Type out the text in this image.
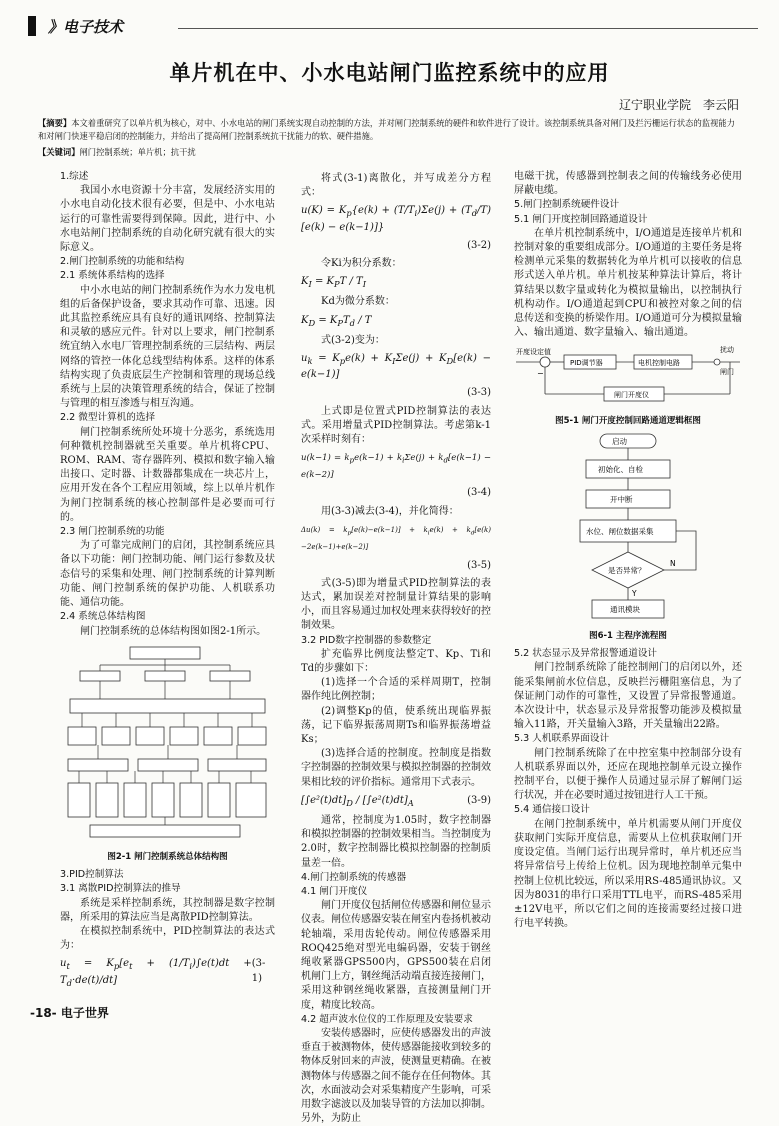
》电子技术
单片机在中、小水电站闸门监控系统中的应用
辽宁职业学院　李云阳
【摘要】本文着重研究了以单片机为核心，对中、小水电站的闸门系统实现自动控制的方法，并对闸门控制系统的硬件和软件进行了设计。该控制系统具备对闸门及拦污栅运行状态的监视能力和对闸门快速平稳启闭的控制能力，并给出了提高闸门控制系统抗干扰能力的软、硬件措施。
【关键词】闸门控制系统；单片机；抗干扰

1.综述

我国小水电资源十分丰富，发展经济实用的小水电自动化技术很有必要，但是中、小水电站运行的可靠性需要得到保障。因此，进行中、小水电站闸门控制系统的自动化研究就有很大的实际意义。

2.闸门控制系统的功能和结构

2.1 系统体系结构的选择

中小水电站的闸门控制系统作为水力发电机组的后备保护设备，要求其动作可靠、迅速。因此其监控系统应具有良好的通讯网络、控制算法和灵敏的感应元件。针对以上要求，闸门控制系统宜纳入水电厂管理控制系统的三层结构、两层网络的管控一体化总线型结构体系。这样的体系结构实现了负责底层生产控制和管理的现场总线系统与上层的决策管理系统的结合，保证了控制与管理的相互渗透与相互沟通。

2.2 微型计算机的选择

闸门控制系统所处环境十分恶劣，系统选用何种微机控制器就至关重要。单片机将CPU、ROM、RAM、寄存器阵列、模拟和数字输入输出接口、定时器、计数器都集成在一块芯片上，应用开发在各个工程应用领域，综上以单片机作为闸门控制系统的核心控制部件是必要而可行的。

2.3 闸门控制系统的功能

为了可靠完成闸门的启闭，其控制系统应具备以下功能：闸门控制功能、闸门运行参数及状态信号的采集和处理、闸门控制系统的计算判断功能、闸门控制系统的保护功能、人机联系功能、通信功能。

2.4 系统总体结构图

闸门控制系统的总体结构图如图2-1所示。

图2-1 闸门控制系统总体结构图

3.PID控制算法

3.1 离散PID控制算法的推导

系统是采样控制系统，其控制器是数字控制器，所采用的算法应当是离散PID控制算法。

在模拟控制系统中，PID控制算法的表达式为：

$u_t = K_p[e_t + (1/T_i)\int e(t)dt + T_d\cdot de(t)/dt]$
(3-1)

将式(3-1)离散化，并写成差分方程式：

$u(K) = K_p\{e(k) + (T/T_i)\Sigma e(j) + (T_d/T)[e(k) - e(k-1)]\}$
(3-2)

令Ki为积分系数：

$K_I = K_PT / T_I$

Kd为微分系数：

$K_D = K_PT_d / T$

式(3-2)变为：

$u_k = K_pe(k) + K_I\Sigma e(j) + K_D[e(k) - e(k-1)]$
(3-3)

上式即是位置式PID控制算法的表达式。采用增量式PID控制算法。考虑第k-1次采样时刻有：

$u(k-1) = k_pe(k-1) + k_i\Sigma e(j) + k_d[e(k-1) - e(k-2)]$
(3-4)

用(3-3)减去(3-4)，并化简得：

$\Delta u(k) = k_p[e(k)-e(k-1)] + k_ie(k) + k_d[e(k)-2e(k-1)+e(k-2)]$
(3-5)

式(3-5)即为增量式PID控制算法的表达式，累加误差对控制量计算结果的影响小，而且容易通过加权处理来获得较好的控制效果。

3.2 PID数字控制器的参数整定

扩充临界比例度法整定T、Kp、Ti和Td的步骤如下：

(1)选择一个合适的采样周期T，控制器作纯比例控制；

(2)调整Kp的值，使系统出现临界振荡，记下临界振荡周期Ts和临界振荡增益Ks；

(3)选择合适的控制度。控制度是指数字控制器的控制效果与模拟控制器的控制效果相比较的评价指标。通常用下式表示。

$[\int e^2(t)dt]_D / [\int e^2(t)dt]_A$	(3-9)

通常，控制度为1.05时，数字控制器和模拟控制器的控制效果相当。当控制度为2.0时，数字控制器比模拟控制器的控制质量差一倍。

4.闸门控制系统的传感器

4.1 闸门开度仪

闸门开度仪包括闸位传感器和闸位显示仪表。闸位传感器安装在闸室内卷扬机被动轮轴端，采用齿轮传动。闸位传感器采用ROQ425绝对型光电编码器，安装于钢丝绳收紧器GPS500内，GPS500装在启闭机闸门上方，钢丝绳活动端直接连接闸门，采用这种钢丝绳收紧器，直接测量闸门开度，精度比较高。

4.2 超声波水位仪的工作原理及安装要求

安装传感器时，应使传感器发出的声波垂直于被测物体，使传感器能接收到较多的物体反射回来的声波，使测量更精确。在被测物体与传感器之间不能存在任何物体。其次，水面波动会对采集精度产生影响，可采用数字滤波以及加装导管的方法加以抑制。另外，为防止

电磁干扰，传感器到控制表之间的传输线务必使用屏蔽电缆。

5.闸门控制系统硬件设计

5.1 闸门开度控制回路通道设计

在单片机控制系统中，I/O通道是连接单片机和控制对象的重要组成部分。I/O通道的主要任务是将检测单元采集的数据转化为单片机可以接收的信息形式送入单片机。单片机按某种算法计算后，将计算结果以数字量或转化为模拟量输出，以控制执行机构动作。I/O通道起到CPU和被控对象之间的信息传送和变换的桥梁作用。I/O通道可分为模拟量输入、输出通道、数字量输入、输出通道。

开度设定值
−
PID调节器	电机控制电路
扰动
闸门
闸门开度仪
图5-1 闸门开度控制回路通道逻辑框图
启动
初始化、自检
开中断
水位、闸位数据采集
是否异常？
N
Y
通讯模块
图6-1 主程序流程图

5.2 状态显示及异常报警通道设计

闸门控制系统除了能控制闸门的启闭以外，还能采集闸前水位信息，反映拦污栅阻塞信息，为了保证闸门动作的可靠性，又设置了异常报警通道。本次设计中，状态显示及异常报警功能涉及模拟量输入11路，开关量输入3路，开关量输出22路。

5.3 人机联系界面设计

闸门控制系统除了在中控室集中控制部分设有人机联系界面以外，还应在现地控制单元设立操作控制平台，以便于操作人员通过显示屏了解闸门运行状况，并在必要时通过按钮进行人工干预。

5.4 通信接口设计

在闸门控制系统中，单片机需要从闸门开度仪获取闸门实际开度信息，需要从上位机获取闸门开度设定值。当闸门运行出现异常时，单片机还应当将异常信号上传给上位机。因为现地控制单元集中控制上位机比较远，所以采用RS-485通讯协议。又因为8031的串行口采用TTL电平，而RS-485采用±12V电平，所以它们之间的连接需要经过接口进行电平转换。

-18- 电子世界
